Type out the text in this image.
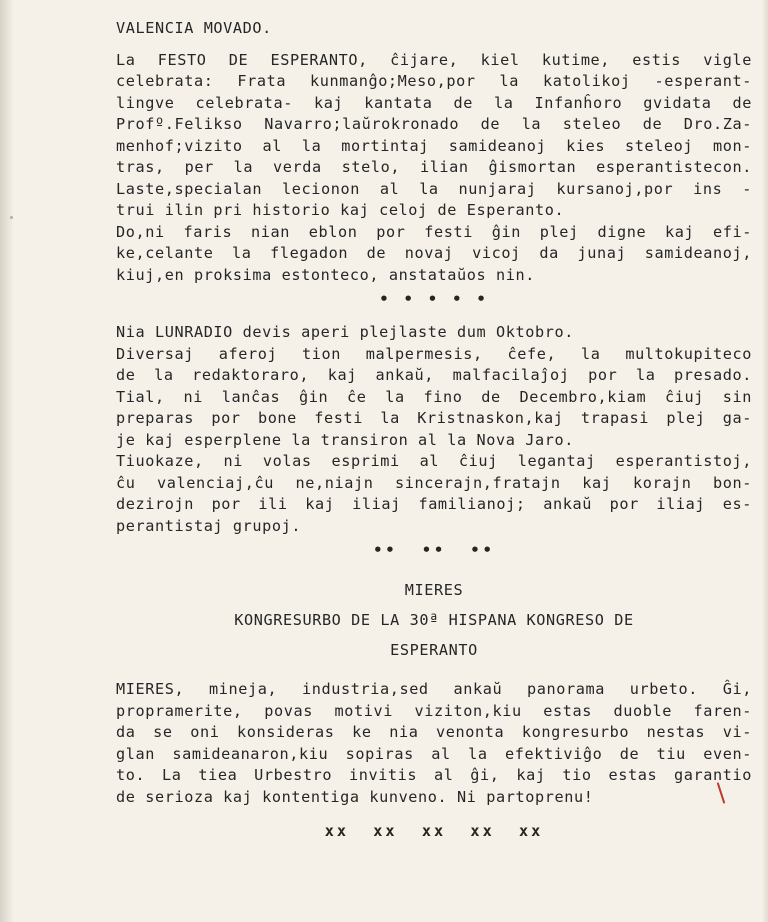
VALENCIA MOVADO.
La FESTO DE ESPERANTO, ĉijare, kiel kutime, estis vigle
celebrata: Frata kunmanĝo;Meso,por la katolikoj -esperant-
lingve celebrata- kaj kantata de la Infanĥoro gvidata de
Profº.Felikso Navarro;laŭrokronado de la steleo de Dro.Za-
menhof;vizito al la mortintaj samideanoj kies steleoj mon-
tras, per la verda stelo, ilian ĝismortan esperantistecon.
Laste,specialan lecionon al la nunjaraj kursanoj,por ins -
trui ilin pri historio kaj celoj de Esperanto.
Do,ni faris nian eblon por festi ĝin plej digne kaj efi-
ke,celante la flegadon de novaj vicoj da junaj samideanoj,
kiuj,en proksima estonteco, anstataŭos nin.
• • • • •
Nia LUNRADIO devis aperi plejlaste dum Oktobro.
Diversaj aferoj tion malpermesis, ĉefe, la multokupiteco
de la redaktoraro, kaj ankaŭ, malfacilaĵoj por la presado.
Tial, ni lanĉas ĝin ĉe la fino de Decembro,kiam ĉiuj sin
preparas por bone festi la Kristnaskon,kaj trapasi plej ga-
je kaj esperplene la transiron al la Nova Jaro.
Tiuokaze, ni volas esprimi al ĉiuj legantaj esperantistoj,
ĉu valenciaj,ĉu ne,niajn sincerajn,fratajn kaj korajn bon-
dezirojn por ili kaj iliaj familianoj; ankaŭ por iliaj es-
perantistaj grupoj.
••  ••  ••
MIERES
KONGRESURBO DE LA 30ª HISPANA KONGRESO DE
ESPERANTO
MIERES, mineja, industria,sed ankaŭ panorama urbeto. Ĝi,
propramerite, povas motivi viziton,kiu estas duoble faren-
da se oni konsideras ke nia venonta kongresurbo nestas vi-
glan samideanaron,kiu sopiras al la efektiviĝo de tiu even-
to. La tiea Urbestro invitis al ĝi, kaj tio estas garantio
de serioza kaj kontentiga kunveno. Ni partoprenu!
xx  xx  xx  xx  xx
